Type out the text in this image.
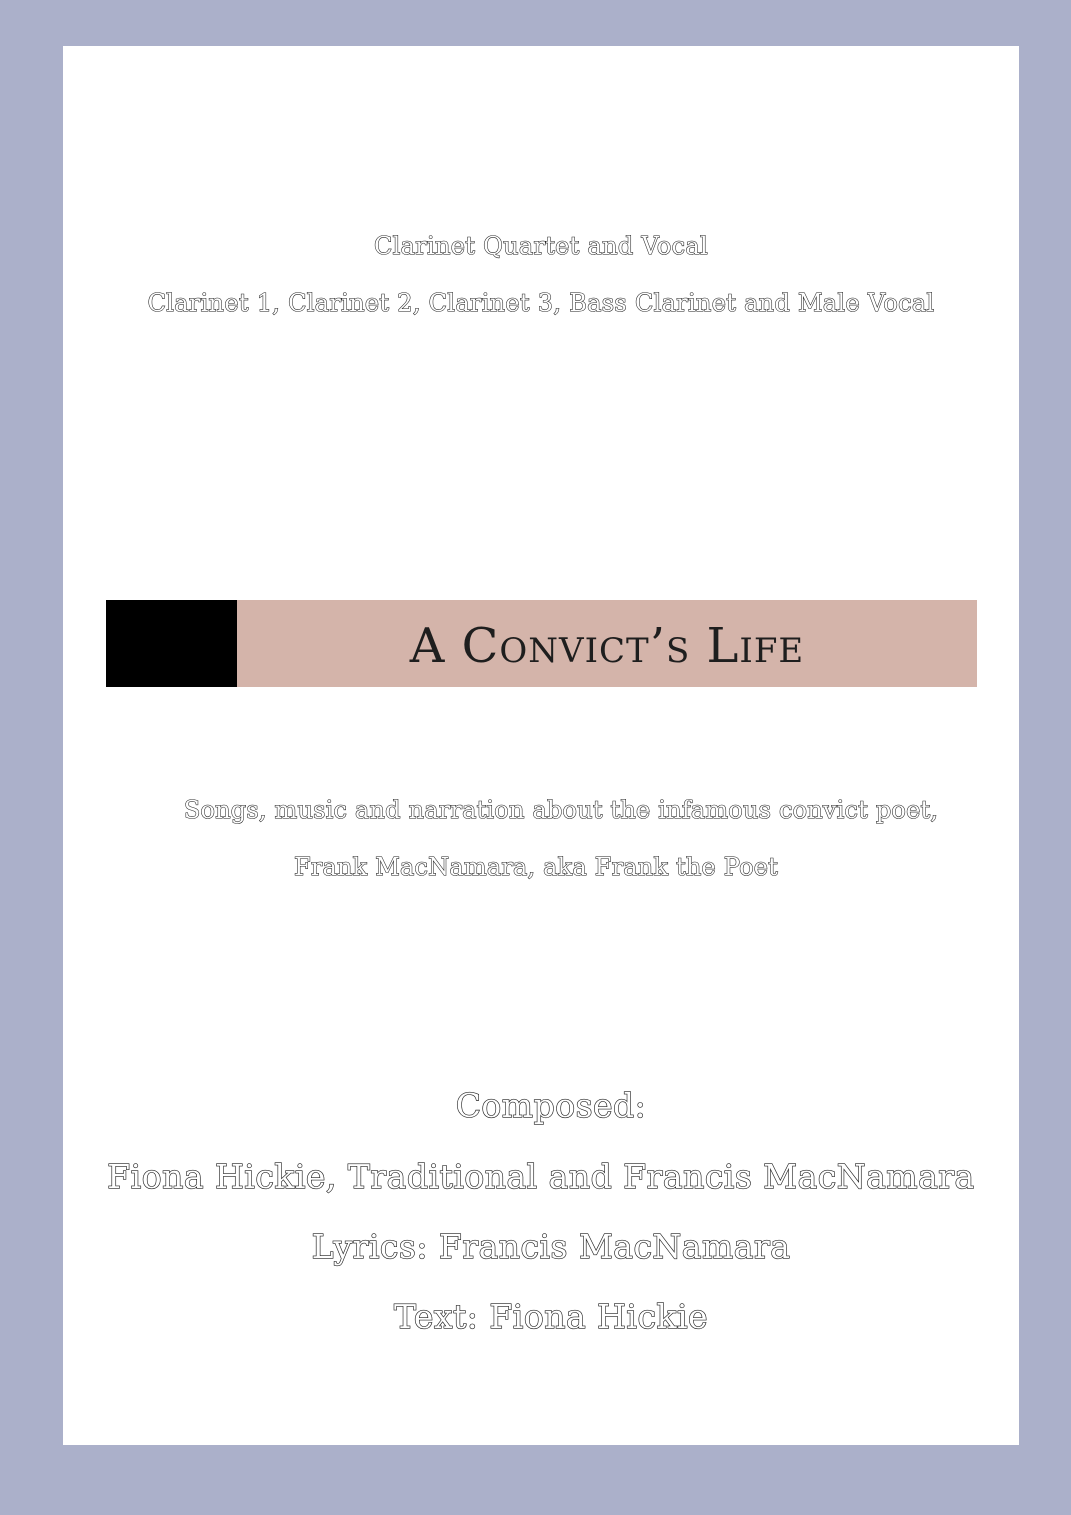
Clarinet Quartet and Vocal
Clarinet 1, Clarinet 2, Clarinet 3, Bass Clarinet and Male Vocal
A Convict’s Life
Songs, music and narration about the infamous convict poet,
Frank MacNamara, aka Frank the Poet
Composed:
Fiona Hickie, Traditional and Francis MacNamara
Lyrics: Francis MacNamara
Text: Fiona Hickie
